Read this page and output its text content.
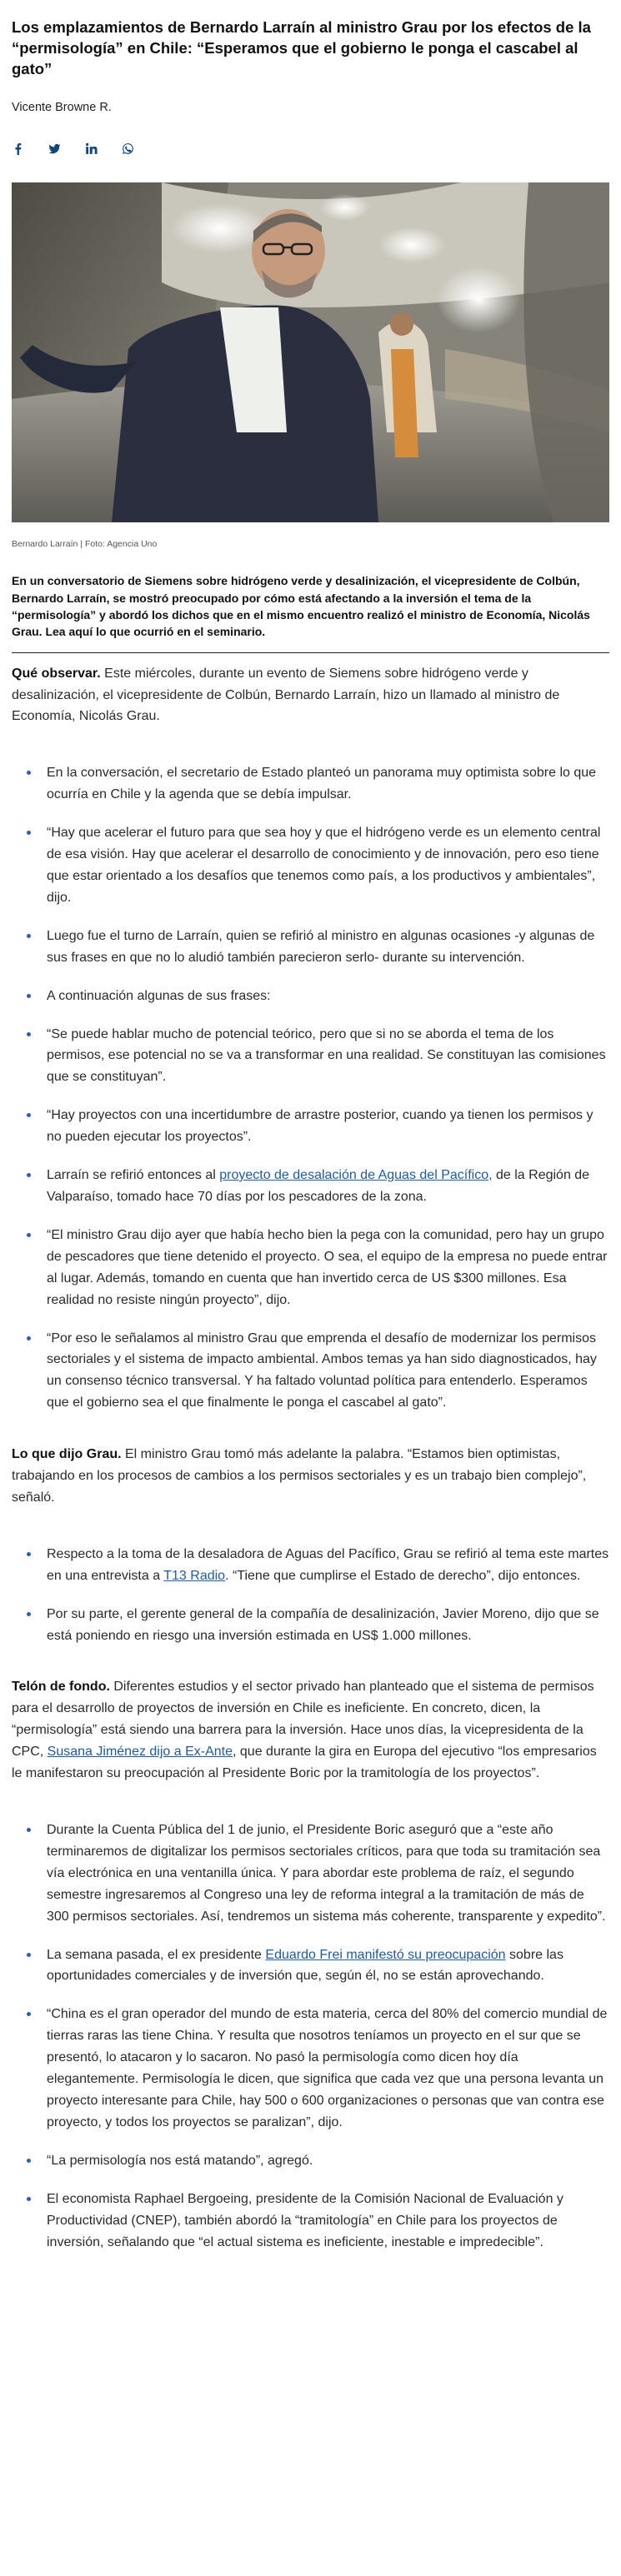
Los emplazamientos de Bernardo Larraín al ministro Grau por los efectos de la “permisología” en Chile: “Esperamos que el gobierno le ponga el cascabel al gato”
Vicente Browne R.
Bernardo Larraín | Foto: Agencia Uno

En un conversatorio de Siemens sobre hidrógeno verde y desalinización, el vicepresidente de Colbún, Bernardo Larraín, se mostró preocupado por cómo está afectando a la inversión el tema de la “permisología” y abordó los dichos que en el mismo encuentro realizó el ministro de Economía, Nicolás Grau. Lea aquí lo que ocurrió en el seminario.

Qué observar. Este miércoles, durante un evento de Siemens sobre hidrógeno verde y desalinización, el vicepresidente de Colbún, Bernardo Larraín, hizo un llamado al ministro de Economía, Nicolás Grau.

En la conversación, el secretario de Estado planteó un panorama muy optimista sobre lo que ocurría en Chile y la agenda que se debía impulsar.
“Hay que acelerar el futuro para que sea hoy y que el hidrógeno verde es un elemento central de esa visión. Hay que acelerar el desarrollo de conocimiento y de innovación, pero eso tiene que estar orientado a los desafíos que tenemos como país, a los productivos y ambientales”, dijo.
Luego fue el turno de Larraín, quien se refirió al ministro en algunas ocasiones -y algunas de sus frases en que no lo aludió también parecieron serlo- durante su intervención.
A continuación algunas de sus frases:
“Se puede hablar mucho de potencial teórico, pero que si no se aborda el tema de los permisos, ese potencial no se va a transformar en una realidad. Se constituyan las comisiones que se constituyan”.
“Hay proyectos con una incertidumbre de arrastre posterior, cuando ya tienen los permisos y no pueden ejecutar los proyectos”.
Larraín se refirió entonces al proyecto de desalación de Aguas del Pacífico, de la Región de Valparaíso, tomado hace 70 días por los pescadores de la zona.
“El ministro Grau dijo ayer que había hecho bien la pega con la comunidad, pero hay un grupo de pescadores que tiene detenido el proyecto. O sea, el equipo de la empresa no puede entrar al lugar. Además, tomando en cuenta que han invertido cerca de US $300 millones. Esa realidad no resiste ningún proyecto”, dijo.
“Por eso le señalamos al ministro Grau que emprenda el desafío de modernizar los permisos sectoriales y el sistema de impacto ambiental. Ambos temas ya han sido diagnosticados, hay un consenso técnico transversal. Y ha faltado voluntad política para entenderlo. Esperamos que el gobierno sea el que finalmente le ponga el cascabel al gato”.

Lo que dijo Grau. El ministro Grau tomó más adelante la palabra. “Estamos bien optimistas, trabajando en los procesos de cambios a los permisos sectoriales y es un trabajo bien complejo”, señaló.

Respecto a la toma de la desaladora de Aguas del Pacífico, Grau se refirió al tema este martes en una entrevista a T13 Radio. “Tiene que cumplirse el Estado de derecho”, dijo entonces.
Por su parte, el gerente general de la compañía de desalinización, Javier Moreno, dijo que se está poniendo en riesgo una inversión estimada en US$ 1.000 millones.

Telón de fondo. Diferentes estudios y el sector privado han planteado que el sistema de permisos para el desarrollo de proyectos de inversión en Chile es ineficiente. En concreto, dicen, la “permisología” está siendo una barrera para la inversión. Hace unos días, la vicepresidenta de la CPC, Susana Jiménez dijo a Ex-Ante, que durante la gira en Europa del ejecutivo “los empresarios le manifestaron su preocupación al Presidente Boric por la tramitología de los proyectos”.

Durante la Cuenta Pública del 1 de junio, el Presidente Boric aseguró que a “este año terminaremos de digitalizar los permisos sectoriales críticos, para que toda su tramitación sea vía electrónica en una ventanilla única. Y para abordar este problema de raíz, el segundo semestre ingresaremos al Congreso una ley de reforma integral a la tramitación de más de 300 permisos sectoriales. Así, tendremos un sistema más coherente, transparente y expedito”.
La semana pasada, el ex presidente Eduardo Frei manifestó su preocupación sobre las oportunidades comerciales y de inversión que, según él, no se están aprovechando.
“China es el gran operador del mundo de esta materia, cerca del 80% del comercio mundial de tierras raras las tiene China. Y resulta que nosotros teníamos un proyecto en el sur que se presentó, lo atacaron y lo sacaron. No pasó la permisología como dicen hoy día elegantemente. Permisología le dicen, que significa que cada vez que una persona levanta un proyecto interesante para Chile, hay 500 o 600 organizaciones o personas que van contra ese proyecto, y todos los proyectos se paralizan”, dijo.
“La permisología nos está matando”, agregó.
El economista Raphael Bergoeing, presidente de la Comisión Nacional de Evaluación y Productividad (CNEP), también abordó la “tramitología” en Chile para los proyectos de inversión, señalando que “el actual sistema es ineficiente, inestable e impredecible”.
